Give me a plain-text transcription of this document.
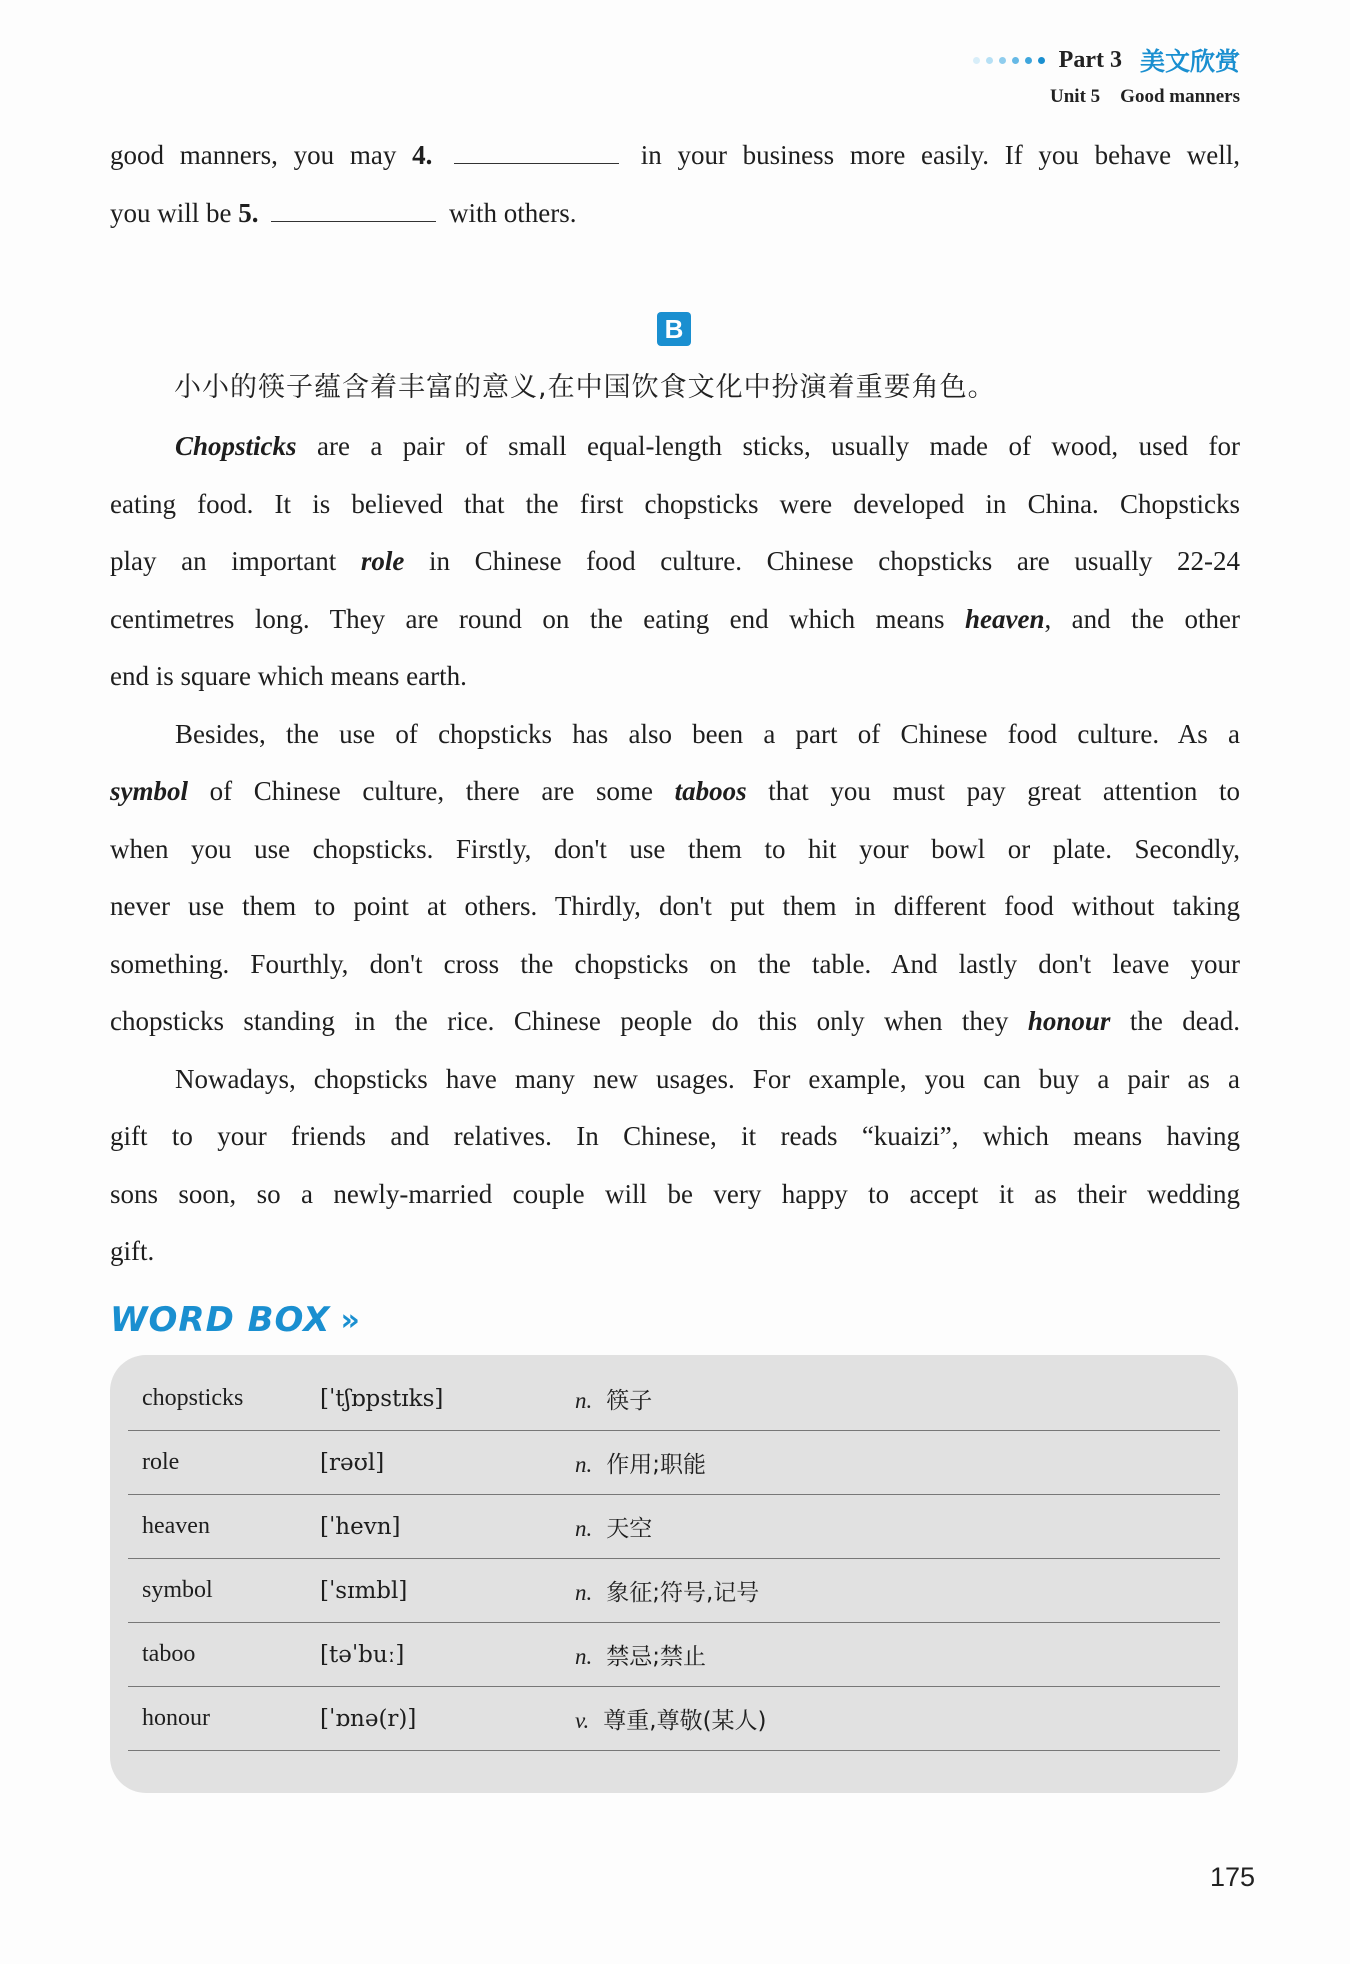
Part 3 美文欣赏
Unit 5 Good manners
good manners, you may 4.	in your business more easily. If you behave well,
you will be 5.	with others.
B
小小的筷子蕴含着丰富的意义,在中国饮食文化中扮演着重要角色。
Chopsticks are a pair of small equal-length sticks, usually made of wood, used for
eating food. It is believed that the first chopsticks were developed in China. Chopsticks
play an important role in Chinese food culture. Chinese chopsticks are usually 22-24
centimetres long. They are round on the eating end which means heaven, and the other
end is square which means earth.
Besides, the use of chopsticks has also been a part of Chinese food culture. As a
symbol of Chinese culture, there are some taboos that you must pay great attention to
when you use chopsticks. Firstly, don't use them to hit your bowl or plate. Secondly,
never use them to point at others. Thirdly, don't put them in different food without taking
something. Fourthly, don't cross the chopsticks on the table. And lastly don't leave your
chopsticks standing in the rice. Chinese people do this only when they honour the dead.
Nowadays, chopsticks have many new usages. For example, you can buy a pair as a
gift to your friends and relatives. In Chinese, it reads “kuaizi”, which means having
sons soon, so a newly-married couple will be very happy to accept it as their wedding
gift.
WORD BOX »
chopsticks	[ˈtʃɒpstɪks]	n. 筷子
role	[rəʊl]	n. 作用;职能
heaven	[ˈhevn]	n. 天空
symbol	[ˈsɪmbl]	n. 象征;符号,记号
taboo	[təˈbuː]	n. 禁忌;禁止
honour	[ˈɒnə(r)]	v. 尊重,尊敬(某人)
175
